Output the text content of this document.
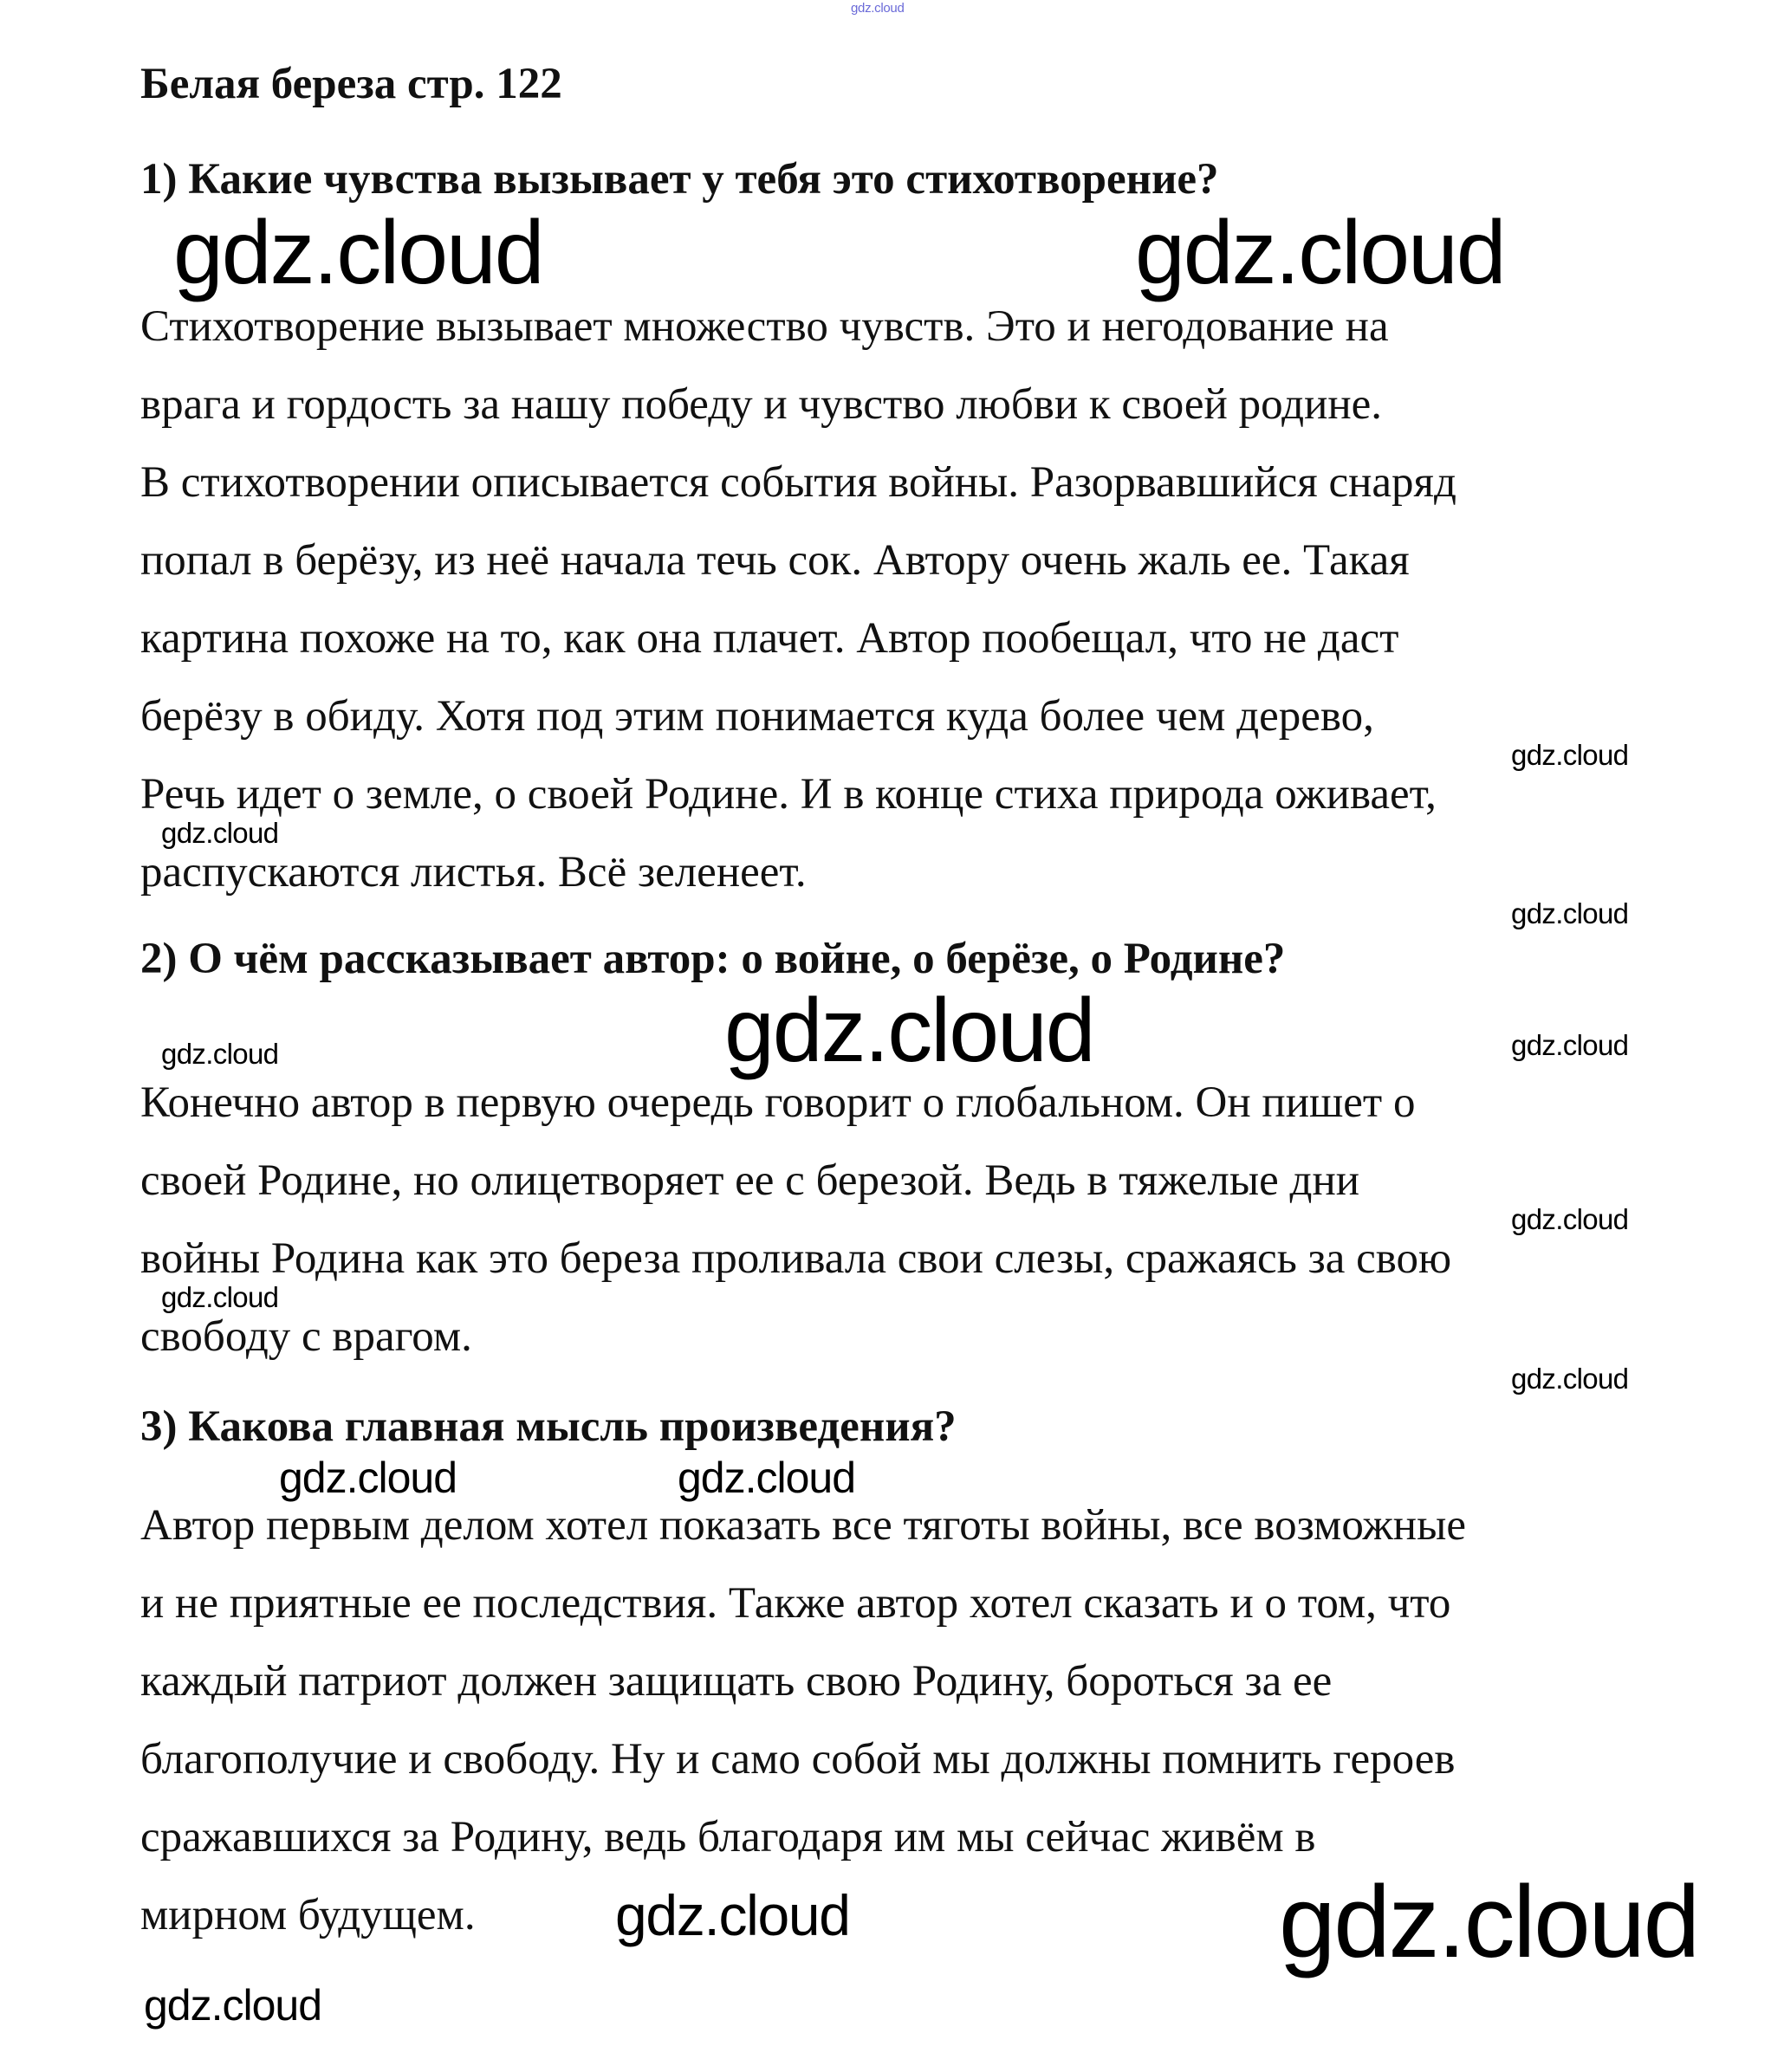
Белая береза стр. 122
1) Какие чувства вызывает у тебя это стихотворение?
Стихотворение вызывает множество чувств. Это и негодование на
врага и гордость за нашу победу и чувство любви к своей родине.
В стихотворении описывается события войны. Разорвавшийся снаряд
попал в берёзу, из неё начала течь сок. Автору очень жаль ее. Такая
картина похоже на то, как она плачет. Автор пообещал, что не даст
берёзу в обиду. Хотя под этим понимается куда более чем дерево,
Речь идет о земле, о своей Родине. И в конце стиха природа оживает,
распускаются листья. Всё зеленеет.
2) О чём рассказывает автор: о войне, о берёзе, о Родине?
Конечно автор в первую очередь говорит о глобальном. Он пишет о
своей Родине, но олицетворяет ее с березой. Ведь в тяжелые дни
войны Родина как это береза проливала свои слезы, сражаясь за свою
свободу с врагом.
3) Какова главная мысль произведения?
Автор первым делом хотел показать все тяготы войны, все возможные
и не приятные ее последствия. Также автор хотел сказать и о том, что
каждый патриот должен защищать свою Родину, бороться за ее
благополучие и свободу. Ну и само собой мы должны помнить героев
сражавшихся за Родину, ведь благодаря им мы сейчас живём в
мирном будущем.
gdz.cloud
gdz.cloud	gdz.cloud
gdz.cloud
gdz.cloud
gdz.cloud
gdz.cloud
gdz.cloud	gdz.cloud
gdz.cloud
gdz.cloud
gdz.cloud
gdz.cloud	gdz.cloud
gdz.cloud
gdz.cloud	gdz.cloud
